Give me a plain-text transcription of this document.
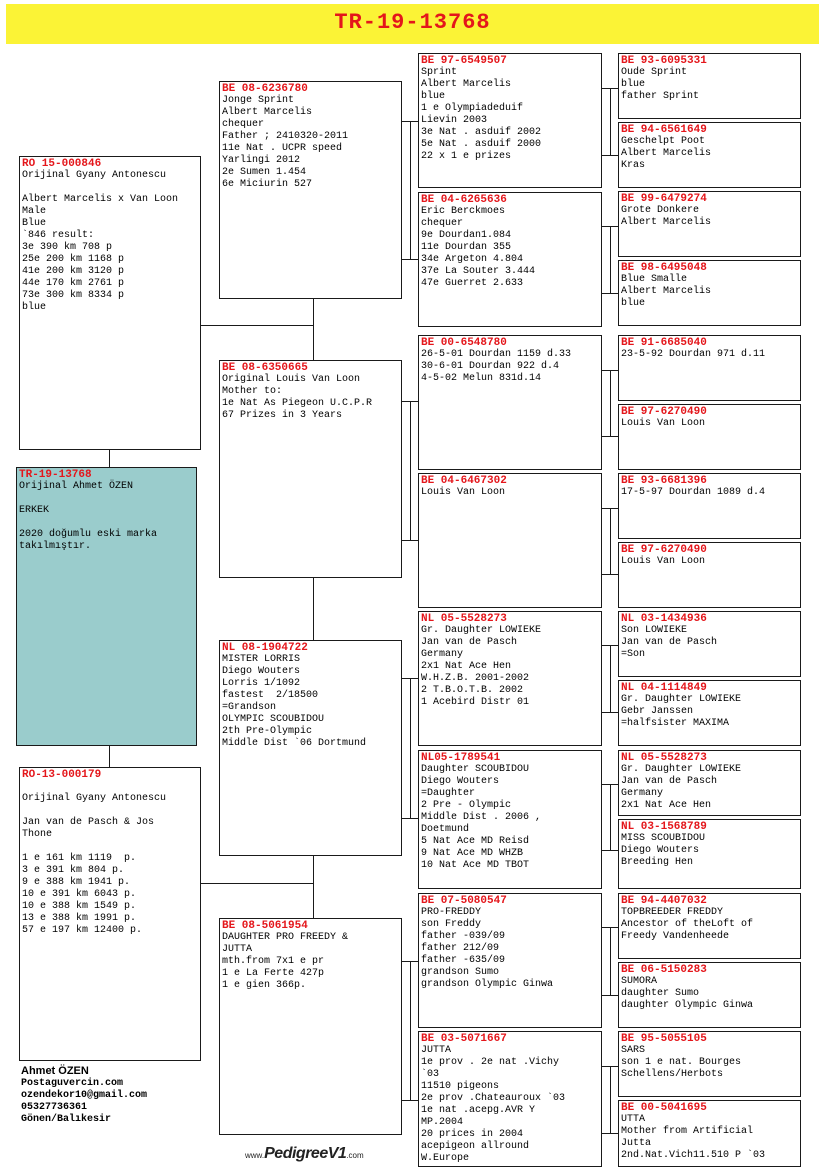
TR-19-13768
RO 15-000846
Orijinal Gyany Antonescu
Albert Marcelis x Van Loon
Male
Blue
`846 result:
3e 390 km 708 p
25e 200 km 1168 p
41e 200 km 3120 p
44e 170 km 2761 p
73e 300 km 8334 p
blue
TR-19-13768
Orijinal Ahmet ÖZEN
ERKEK
2020 doğumlu eski marka
takılmıştır.
RO-13-000179
Orijinal Gyany Antonescu
Jan van de Pasch & Jos
Thone
1 e 161 km 1119  p.
3 e 391 km 804 p.
9 e 388 km 1941 p.
10 e 391 km 6043 p.
10 e 388 km 1549 p.
13 e 388 km 1991 p.
57 e 197 km 12400 p.
BE 08-6236780
Jonge Sprint
Albert Marcelis
chequer
Father ; 2410320-2011
11e Nat . UCPR speed
Yarlingi 2012
2e Sumen 1.454
6e Miciurin 527
BE 08-6350665
Original Louis Van Loon
Mother to:
1e Nat As Piegeon U.C.P.R
67 Prizes in 3 Years
NL 08-1904722
MISTER LORRIS
Diego Wouters
Lorris 1/1092
fastest  2/18500
=Grandson
OLYMPIC SCOUBIDOU
2th Pre-Olympic
Middle Dist `06 Dortmund
BE 08-5061954
DAUGHTER PRO FREEDY &
JUTTA
mth.from 7x1 e pr
1 e La Ferte 427p
1 e gien 366p.
BE 97-6549507
Sprint
Albert Marcelis
blue
1 e Olympiadeduif
Lievin 2003
3e Nat . asduif 2002
5e Nat . asduif 2000
22 x 1 e prizes
BE 04-6265636
Eric Berckmoes
chequer
9e Dourdan1.084
11e Dourdan 355
34e Argeton 4.804
37e La Souter 3.444
47e Guerret 2.633
BE 00-6548780
26-5-01 Dourdan 1159 d.33
30-6-01 Dourdan 922 d.4
4-5-02 Melun 831d.14
BE 04-6467302
Louis Van Loon
NL 05-5528273
Gr. Daughter LOWIEKE
Jan van de Pasch
Germany
2x1 Nat Ace Hen
W.H.Z.B. 2001-2002
2 T.B.O.T.B. 2002
1 Acebird Distr 01
NL05-1789541
Daughter SCOUBIDOU
Diego Wouters
=Daughter
2 Pre - Olympic
Middle Dist . 2006 ,
Doetmund
5 Nat Ace MD Reisd
9 Nat Ace MD WHZB
10 Nat Ace MD TBOT
BE 07-5080547
PRO-FREDDY
son Freddy
father -039/09
father 212/09
father -635/09
grandson Sumo
grandson Olympic Ginwa
BE 03-5071667
JUTTA
1e prov . 2e nat .Vichy
`03
11510 pigeons
2e prov .Chateauroux `03
1e nat .acepg.AVR Y
MP.2004
20 prices in 2004
acepigeon allround
W.Europe
BE 93-6095331
Oude Sprint
blue
father Sprint
BE 94-6561649
Geschelpt Poot
Albert Marcelis
Kras
BE 99-6479274
Grote Donkere
Albert Marcelis
BE 98-6495048
Blue Smalle
Albert Marcelis
blue
BE 91-6685040
23-5-92 Dourdan 971 d.11
BE 97-6270490
Louis Van Loon
BE 93-6681396
17-5-97 Dourdan 1089 d.4
BE 97-6270490
Louis Van Loon
NL 03-1434936
Son LOWIEKE
Jan van de Pasch
=Son
NL 04-1114849
Gr. Daughter LOWIEKE
Gebr Janssen
=halfsister MAXIMA
NL 05-5528273
Gr. Daughter LOWIEKE
Jan van de Pasch
Germany
2x1 Nat Ace Hen
NL 03-1568789
MISS SCOUBIDOU
Diego Wouters
Breeding Hen
BE 94-4407032
TOPBREEDER FREDDY
Ancestor of theLoft of
Freedy Vandenheede
BE 06-5150283
SUMORA
daughter Sumo
daughter Olympic Ginwa
BE 95-5055105
SARS
son 1 e nat. Bourges
Schellens/Herbots
BE 00-5041695
UTTA
Mother from Artificial
Jutta
2nd.Nat.Vich11.510 P `03
Ahmet ÖZEN
Postaguvercin.com
ozendekor10@gmail.com
05327736361
Gönen/Balıkesir
www.PedigreeV1.com
